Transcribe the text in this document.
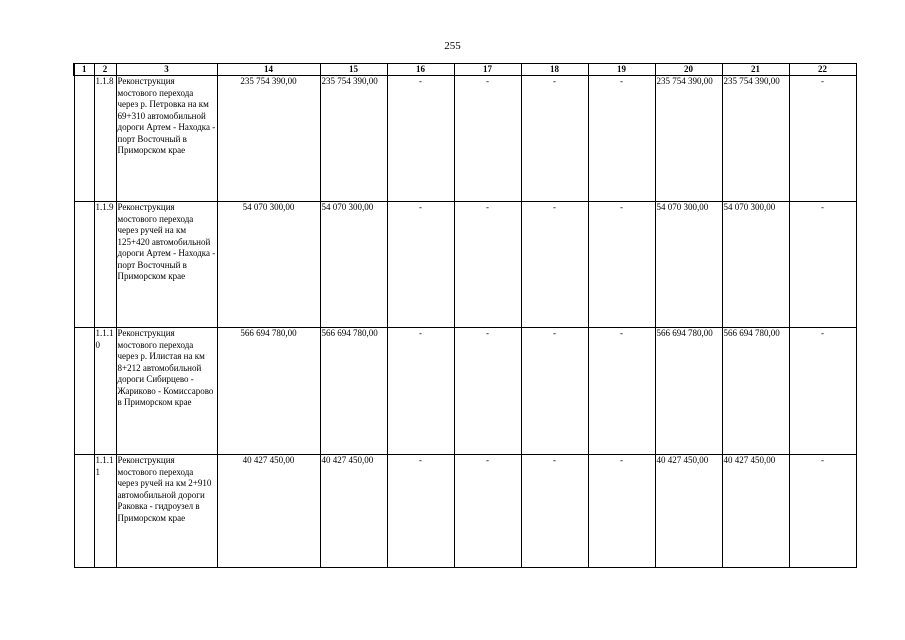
255
1	2	3	14	15	16	17	18	19	20	21	22
	1.1.8	Реконструкция мостового перехода через р. Петровка на км 69+310 автомобильной дороги Артем - Находка - порт Восточный в Приморском крае	235 754 390,00	235 754 390,00	-	-	-	-	235 754 390,00	235 754 390,00	-
	1.1.9	Реконструкция мостового перехода через ручей на км 125+420 автомобильной дороги Артем - Находка - порт Восточный в Приморском крае	54 070 300,00	54 070 300,00	-	-	-	-	54 070 300,00	54 070 300,00	-
	1.1.10	Реконструкция мостового перехода через р. Илистая на км 8+212 автомобильной дороги Сибирцево - Жариково - Комиссарово в Приморском крае	566 694 780,00	566 694 780,00	-	-	-	-	566 694 780,00	566 694 780,00	-
	1.1.11	Реконструкция мостового перехода через ручей на км 2+910 автомобильной дороги Раковка - гидроузел в Приморском крае	40 427 450,00	40 427 450,00	-	-	-	-	40 427 450,00	40 427 450,00	-
